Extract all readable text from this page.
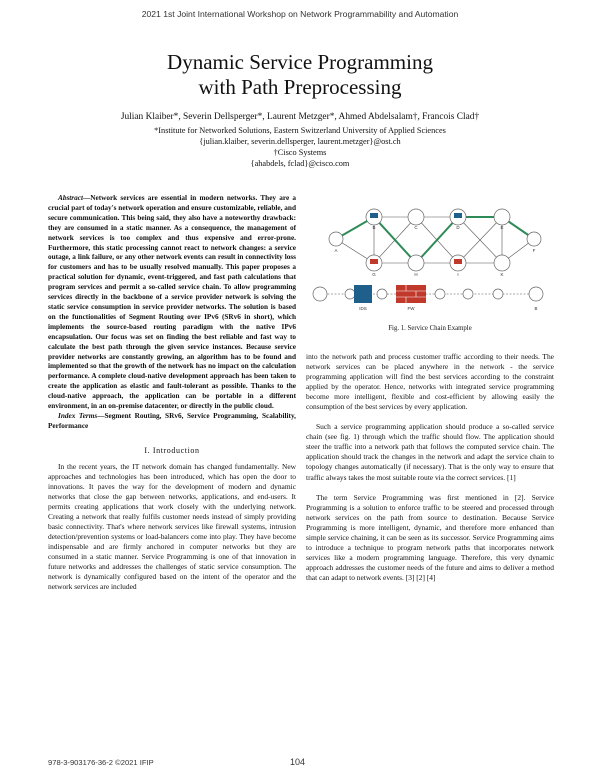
2021 1st Joint International Workshop on Network Programmability and Automation
Dynamic Service Programming
with Path Preprocessing
Julian Klaiber*, Severin Dellsperger*, Laurent Metzger*, Ahmed Abdelsalam†, Francois Clad†
*Institute for Networked Solutions, Eastern Switzerland University of Applied Sciences
{julian.klaiber, severin.dellsperger, laurent.metzger}@ost.ch
†Cisco Systems
{ahabdels, fclad}@cisco.com
Abstract—Network services are essential in modern networks. They are a crucial part of today's network operation and ensure customizable, reliable, and secure communication. This being said, they also have a noteworthy drawback: they are consumed in a static manner. As a consequence, the management of network services is too complex and thus expensive and error-prone. Furthermore, this static processing cannot react to network changes: a service outage, a link failure, or any other network events can result in connectivity loss for customers and has to be usually resolved manually. This paper proposes a practical solution for dynamic, event-triggered, and fast path calculations that program services and permit a so-called service chain. To allow programming services directly in the backbone of a service provider network is solving the static service consumption in service provider networks. The solution is based on the functionalities of Segment Routing over IPv6 (SRv6 in short), which implements the source-based routing paradigm with the native IPv6 encapsulation. Our focus was set on finding the best reliable and fast way to calculate the best path through the given service instances. Because service provider networks are constantly growing, an algorithm has to be found and implemented so that the growth of the network has no impact on the calculation performance. A complete cloud-native development approach has been taken to create the application as elastic and fault-tolerant as possible. Thanks to the cloud-native approach, the application can be portable in a different environment, in an on-premise datacenter, or directly in the public cloud.
Index Terms—Segment Routing, SRv6, Service Programming, Scalability, Performance
I. Introduction

In the recent years, the IT network domain has changed fundamentally. New approaches and technologies has been introduced, which has open the door to innovations. It paves the way for the development of modern and dynamic networks that close the gap between networks, applications, and end-users. It permits creating applications that work closely with the underlying network. Creating a network that really fulfils customer needs instead of simply providing basic connectivity. That's where network services like firewall systems, intrusion detection/prevention systems or load-balancers come into play. They have become indispensable and are firmly anchored in computer networks but they are consumed in a static manner. Service Programming is one of that innovation in future networks and addresses the challenges of static service consumption. The network is dynamically configured based on the intent of the operator and the network services are included

A
B	C	D	E
F
G	H	I	K
IDS	FW	B
Fig. 1. Service Chain Example

into the network path and process customer traffic according to their needs. The network services can be placed anywhere in the network - the service programming application will find the best services according to the constraint applied by the operator. Hence, networks with integrated service programming become more intelligent, flexible and cost-efficient by allowing easily the consumption of the best services by every application.

Such a service programming application should produce a so-called service chain (see fig. 1) through which the traffic should flow. The application should steer the traffic into a network path that follows the computed service chain. The application should track the changes in the network and adapt the service chain to topology changes automatically (if necessary). That is the only way to ensure that traffic always takes the most suitable route via the correct services. [1]

The term Service Programming was first mentioned in [2]. Service Programming is a solution to enforce traffic to be steered and processed through network services on the path from source to destination. Because Service Programming is more intelligent, dynamic, and therefore more enhanced than simple service chaining, it can be seen as its successor. Service Programming aims to introduce a technique to program network paths that incorporates network services like a modern programming language. Therefore, this very dynamic approach addresses the customer needs of the future and aims to deliver a method that can adapt to network events. [3] [2] [4]

978-3-903176-36-2 ©2021 IFIP	104
